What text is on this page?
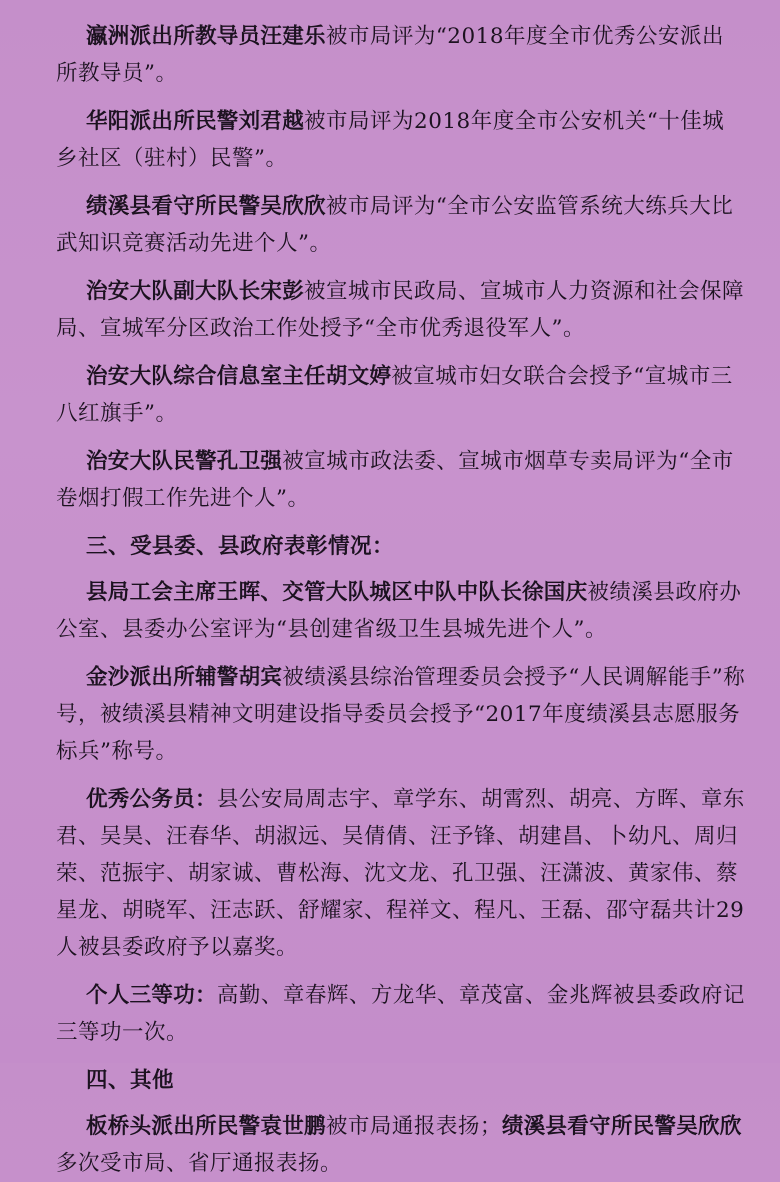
瀛洲派出所教导员汪建乐被市局评为“2018年度全市优秀公安派出所教导员”。

华阳派出所民警刘君越被市局评为2018年度全市公安机关“十佳城乡社区（驻村）民警”。

绩溪县看守所民警吴欣欣被市局评为“全市公安监管系统大练兵大比武知识竞赛活动先进个人”。

治安大队副大队长宋彭被宣城市民政局、宣城市人力资源和社会保障局、宣城军分区政治工作处授予“全市优秀退役军人”。

治安大队综合信息室主任胡文婷被宣城市妇女联合会授予“宣城市三八红旗手”。

治安大队民警孔卫强被宣城市政法委、宣城市烟草专卖局评为“全市卷烟打假工作先进个人”。

三、受县委、县政府表彰情况：

县局工会主席王晖、交管大队城区中队中队长徐国庆被绩溪县政府办公室、县委办公室评为“县创建省级卫生县城先进个人”。

金沙派出所辅警胡宾被绩溪县综治管理委员会授予“人民调解能手”称号，被绩溪县精神文明建设指导委员会授予“2017年度绩溪县志愿服务标兵”称号。

优秀公务员：县公安局周志宇、章学东、胡霄烈、胡亮、方晖、章东君、吴昊、汪春华、胡淑远、吴倩倩、汪予锋、胡建昌、卜幼凡、周归荣、范振宇、胡家诚、曹松海、沈文龙、孔卫强、汪潇波、黄家伟、蔡星龙、胡晓军、汪志跃、舒耀家、程祥文、程凡、王磊、邵守磊共计29人被县委政府予以嘉奖。

个人三等功：高勤、章春辉、方龙华、章茂富、金兆辉被县委政府记三等功一次。

四、其他

板桥头派出所民警袁世鹏被市局通报表扬；绩溪县看守所民警吴欣欣多次受市局、省厅通报表扬。
